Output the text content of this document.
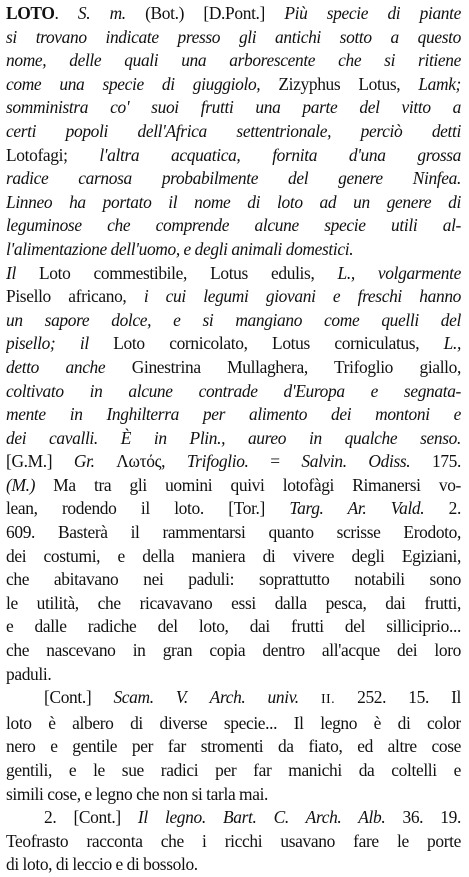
LOTO. S. m. (Bot.) [D.Pont.] Più specie di piante
si trovano indicate presso gli antichi sotto a questo
nome, delle quali una arborescente che si ritiene
come una specie di giuggiolo, Zizyphus Lotus, Lamk;
somministra co' suoi frutti una parte del vitto a
certi popoli dell'Africa settentrionale, perciò detti
Lotofagi; l'altra acquatica, fornita d'una grossa
radice carnosa probabilmente del genere Ninfea.
Linneo ha portato il nome di loto ad un genere di
leguminose che comprende alcune specie utili al-
l'alimentazione dell'uomo, e degli animali domestici.
Il Loto commestibile, Lotus edulis, L., volgarmente
Pisello africano, i cui legumi giovani e freschi hanno
un sapore dolce, e si mangiano come quelli del
pisello; il Loto cornicolato, Lotus corniculatus, L.,
detto anche Ginestrina Mullaghera, Trifoglio giallo,
coltivato in alcune contrade d'Europa e segnata-
mente in Inghilterra per alimento dei montoni e
dei cavalli. È in Plin., aureo in qualche senso.
[G.M.] Gr. Λωτός, Trifoglio. = Salvin. Odiss. 175.
(M.) Ma tra gli uomini quivi lotofàgi Rimanersi vo-
lean, rodendo il loto. [Tor.] Targ. Ar. Vald. 2.
609. Basterà il rammentarsi quanto scrisse Erodoto,
dei costumi, e della maniera di vivere degli Egiziani,
che abitavano nei paduli: soprattutto notabili sono
le utilità, che ricavavano essi dalla pesca, dai frutti,
e dalle radiche del loto, dai frutti del silliciprio...
che nascevano in gran copia dentro all'acque dei loro
paduli.
[Cont.] Scam. V. Arch. univ. II. 252. 15. Il
loto è albero di diverse specie... Il legno è di color
nero e gentile per far stromenti da fiato, ed altre cose
gentili, e le sue radici per far manichi da coltelli e
simili cose, e legno che non si tarla mai.
2. [Cont.] Il legno. Bart. C. Arch. Alb. 36. 19.
Teofrasto racconta che i ricchi usavano fare le porte
di loto, di leccio e di bossolo.
